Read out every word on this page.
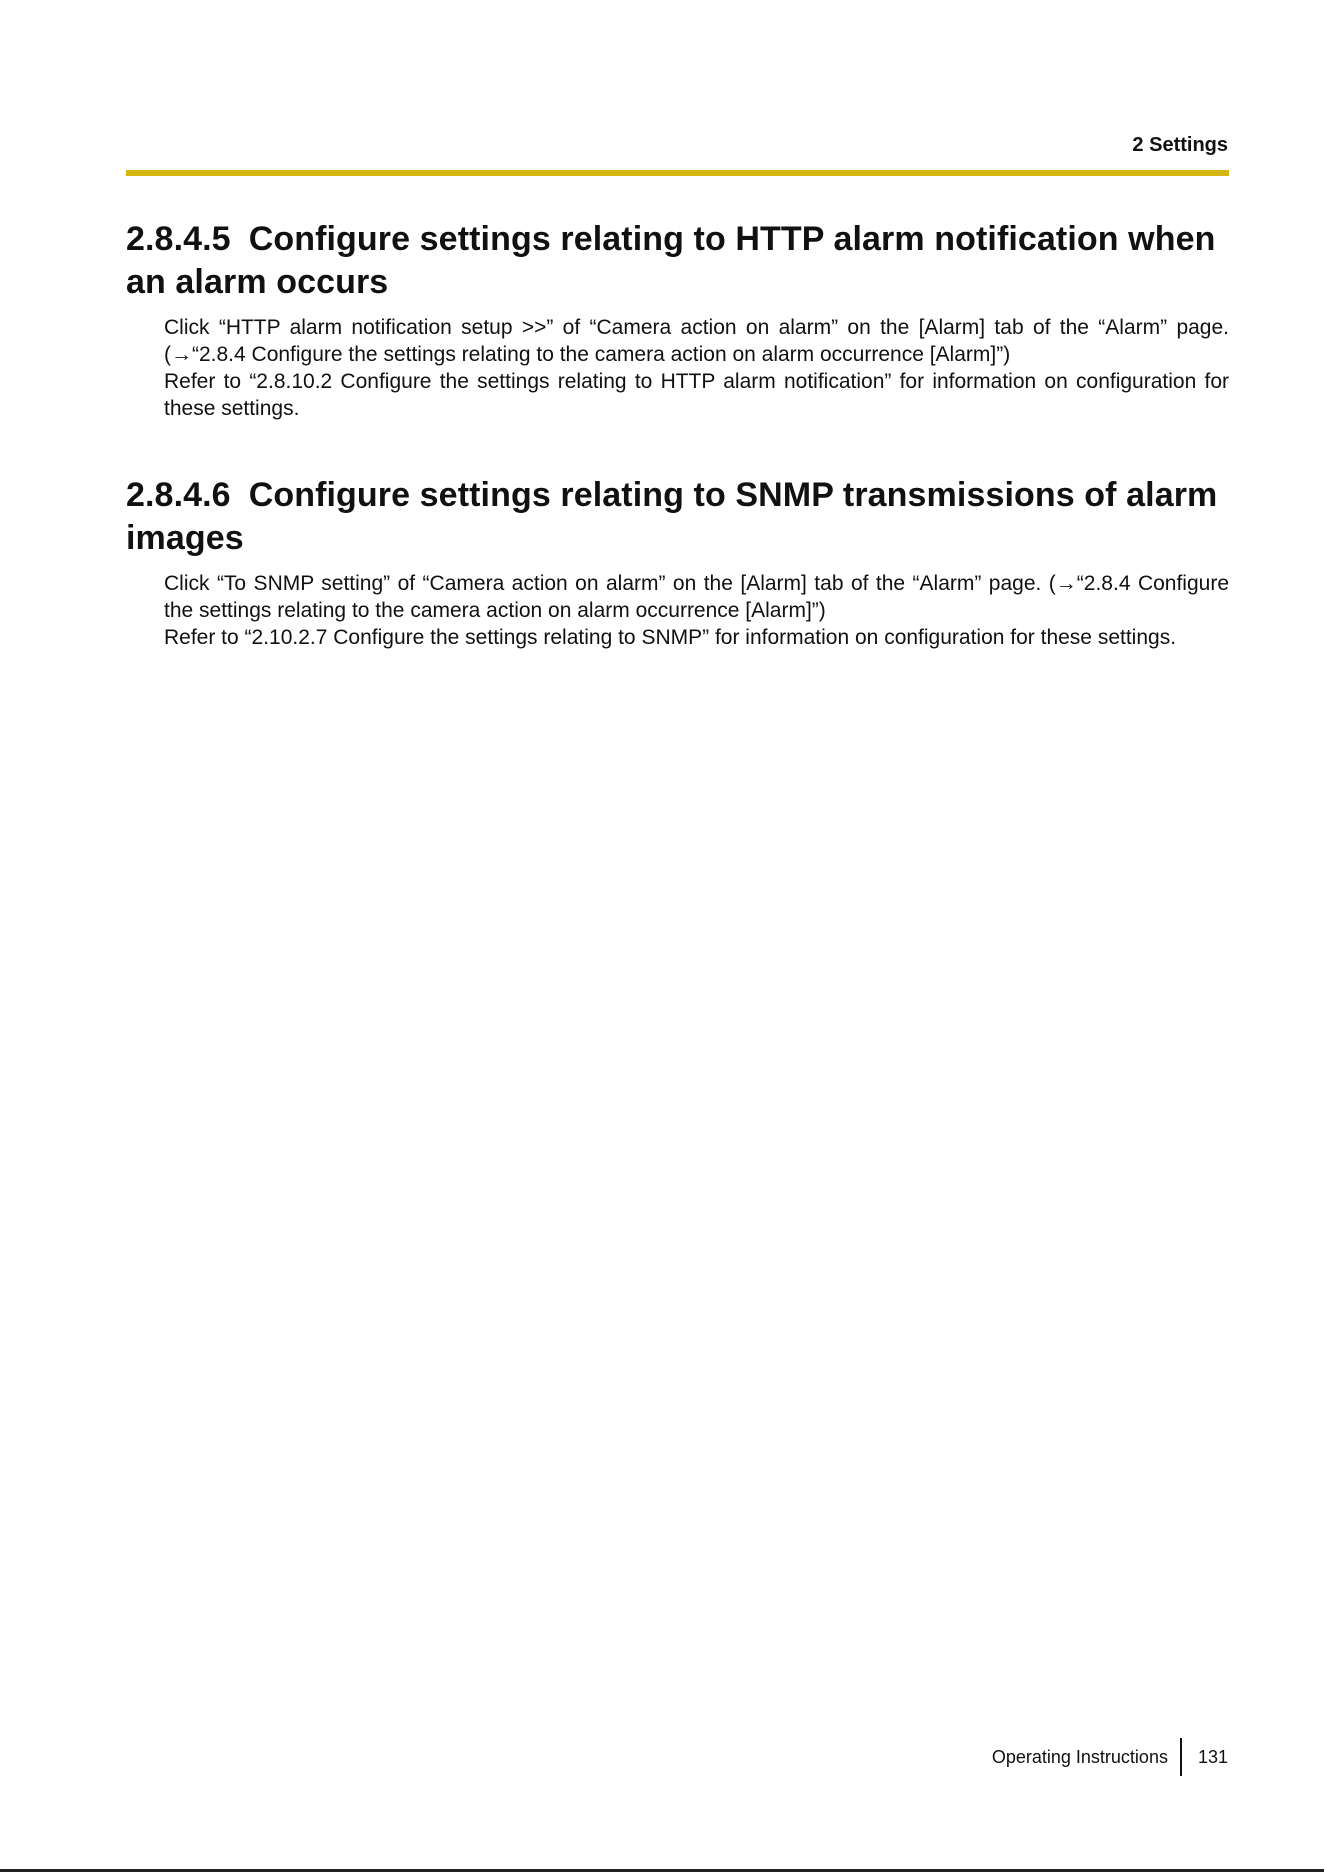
2 Settings
2.8.4.5 Configure settings relating to HTTP alarm notification when an alarm occurs

Click “HTTP alarm notification setup >>” of “Camera action on alarm” on the [Alarm] tab of the “Alarm” page. (→“2.8.4 Configure the settings relating to the camera action on alarm occurrence [Alarm]”)

Refer to “2.8.10.2 Configure the settings relating to HTTP alarm notification” for information on configuration for these settings.

2.8.4.6 Configure settings relating to SNMP transmissions of alarm images

Click “To SNMP setting” of “Camera action on alarm” on the [Alarm] tab of the “Alarm” page. (→“2.8.4 Configure the settings relating to the camera action on alarm occurrence [Alarm]”)

Refer to “2.10.2.7 Configure the settings relating to SNMP” for information on configuration for these settings.

Operating Instructions	131
